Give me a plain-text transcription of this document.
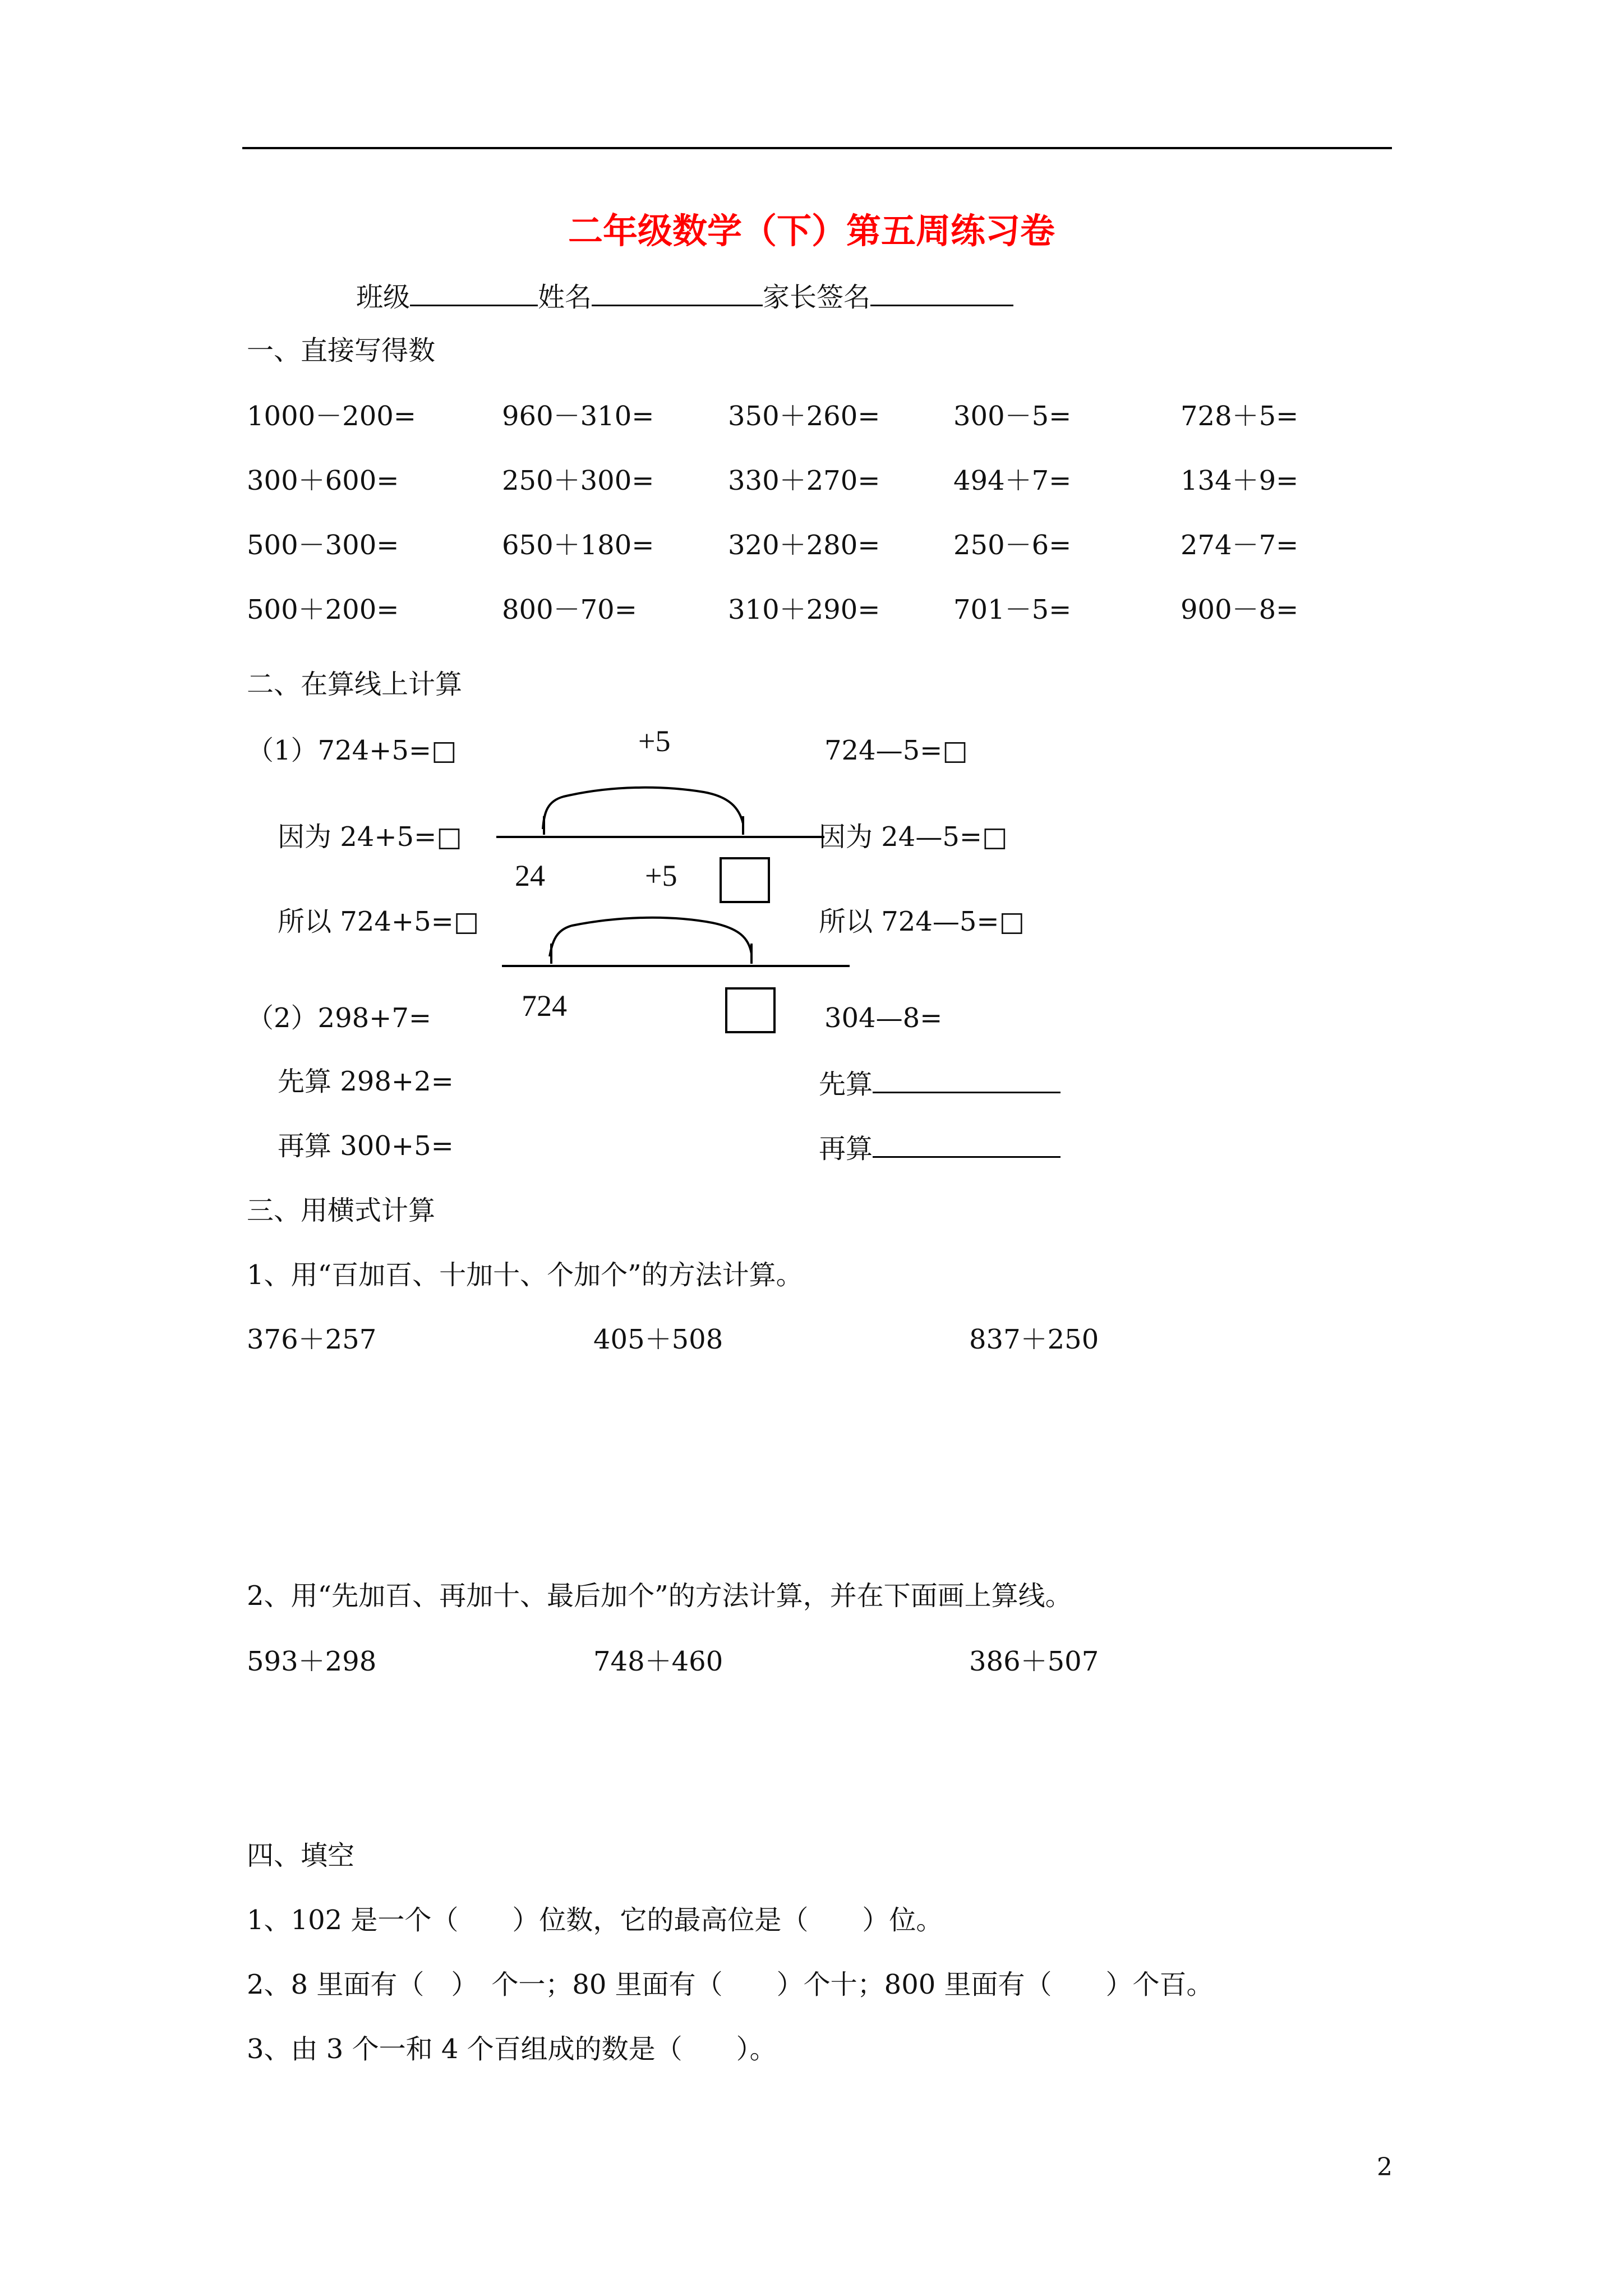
二年级数学（下）第五周练习卷
班级	姓名	家长签名
一、直接写得数
1000－200=	960－310=	350＋260=	300－5=	728＋5=
300＋600=	250＋300=	330＋270=	494＋7=	134＋9=
500－300=	650＋180=	320＋280=	250－6=	274－7=
500＋200=	800－70=	310＋290=	701－5=	900－8=
二、在算线上计算
（1）724+5=□	724—5=□
因为 24+5=□	因为 24—5=□
所以 724+5=□	所以 724—5=□
+5
24	+5
724
（2）298+7=	304—8=
先算 298+2=	先算
再算 300+5=	再算
三、用横式计算
1、用“百加百、十加十、个加个”的方法计算。
376＋257	405＋508	837＋250
2、用“先加百、再加十、最后加个”的方法计算，并在下面画上算线。
593＋298	748＋460	386＋507
四、填空
1、102 是一个（　　）位数，它的最高位是（　　）位。
2、8 里面有（　）　个一；80 里面有（　　）个十；800 里面有（　　）个百。
3、由 3 个一和 4 个百组成的数是（　　）。
2
